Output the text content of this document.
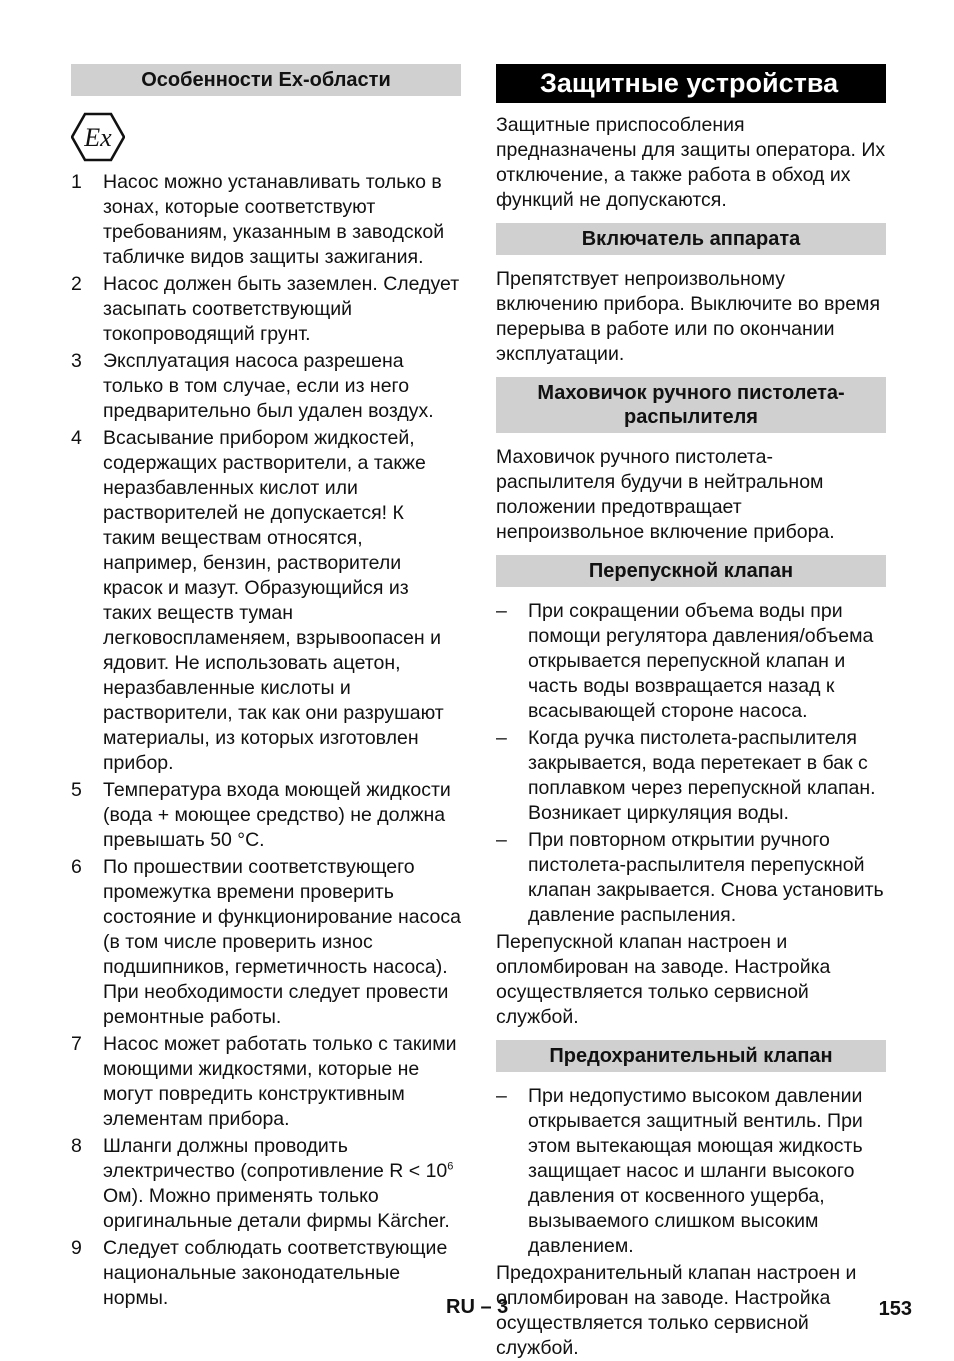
Особенности Ex-области
Ex
1	Насос можно устанавливать только в зонах, которые соответствуют требованиям, указанным в заводской табличке видов защиты зажигания.
2	Насос должен быть заземлен. Следует засыпать соответствующий токопроводящий грунт.
3	Эксплуатация насоса разрешена только в том случае, если из него предварительно был удален воздух.
4	Всасывание прибором жидкостей, содержащих растворители, а также неразбавленных кислот или растворителей не допускается! К таким веществам относятся, например, бензин, растворители красок и мазут. Образующийся из таких веществ туман легковоспламеняем, взрывоопасен и ядовит. Не использовать ацетон, неразбавленные кислоты и растворители, так как они разрушают материалы, из которых изготовлен прибор.
5	Температура входа моющей жидкости (вода + моющее средство) не должна превышать 50 °C.
6	По прошествии соответствующего промежутка времени проверить состояние и функционирование насоса (в том числе проверить износ подшипников, герметичность насоса). При необходимости следует провести ремонтные работы.
7	Насос может работать только с такими моющими жидкостями, которые не могут повредить конструктивным элементам прибора.
8	Шланги должны проводить электричество (сопротивление $R < 10^6$ Ом). Можно применять только оригинальные детали фирмы Kärcher.
9	Следует соблюдать соответствующие национальные законодательные нормы.
Защитные устройства

Защитные приспособления предназначены для защиты оператора. Их отключение, а также работа в обход их функций не допускаются.

Включатель аппарата

Препятствует непроизвольному включению прибора. Выключите во время перерыва в работе или по окончании эксплуатации.

Маховичок ручного пистолета-распылителя

Маховичок ручного пистолета-распылителя будучи в нейтральном положении предотвращает непроизвольное включение прибора.

Перепускной клапан
–	При сокращении объема воды при помощи регулятора давления/объема открывается перепускной клапан и часть воды возвращается назад к всасывающей стороне насоса.
–	Когда ручка пистолета-распылителя закрывается, вода перетекает в бак с поплавком через перепускной клапан. Возникает циркуляция воды.
–	При повторном открытии ручного пистолета-распылителя перепускной клапан закрывается. Снова установить давление распыления.

Перепускной клапан настроен и опломбирован на заводе. Настройка осуществляется только сервисной службой.

Предохранительный клапан
–	При недопустимо высоком давлении открывается защитный вентиль. При этом вытекающая моющая жидкость защищает насос и шланги высокого давления от косвенного ущерба, вызываемого слишком высоким давлением.

Предохранительный клапан настроен и опломбирован на заводе. Настройка осуществляется только сервисной службой.

RU – 3	153
